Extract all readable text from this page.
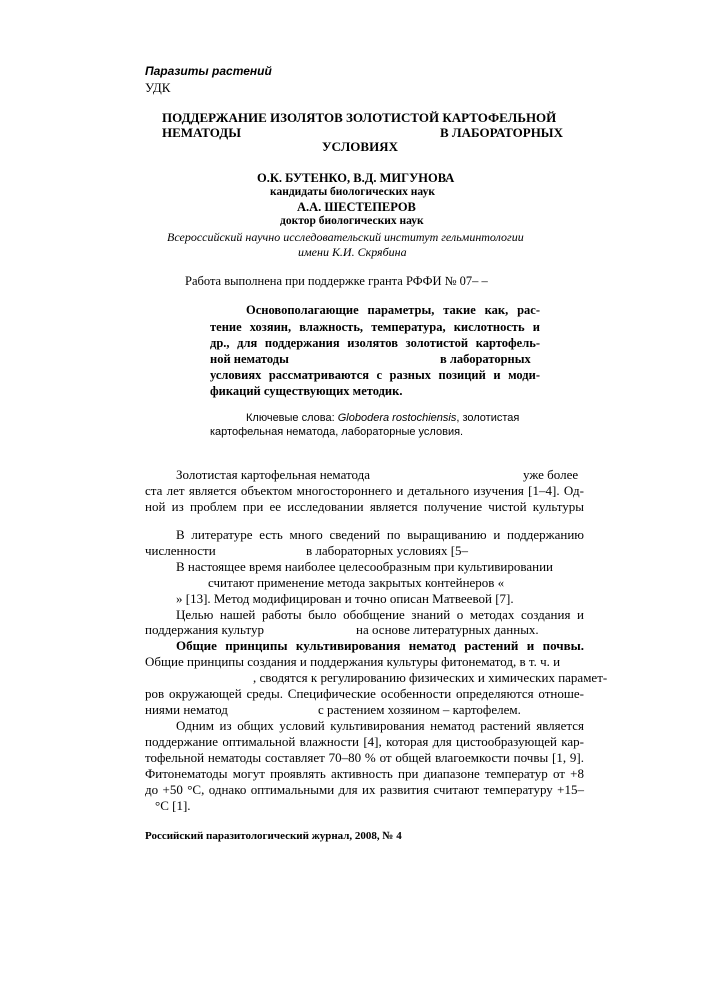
Паразиты растений
УДК
ПОДДЕРЖАНИЕ ИЗОЛЯТОВ ЗОЛОТИСТОЙ КАРТОФЕЛЬНОЙ
НЕМАТОДЫ	В ЛАБОРАТОРНЫХ
УСЛОВИЯХ
О.К. БУТЕНКО, В.Д. МИГУНОВА
кандидаты биологических наук
А.А. ШЕСТЕПЕРОВ
доктор биологических наук
Всероссийский научно исследовательский институт гельминтологии
имени К.И. Скрябина
Работа выполнена при поддержке гранта РФФИ № 07– –
Основополагающие параметры, такие как, рас-
тение хозяин, влажность, температура, кислотность и
др., для поддержания изолятов золотистой картофель-
ной нематоды	в лабораторных
условиях рассматриваются с разных позиций и моди-
фикаций существующих методик.
Ключевые слова: Globodera rostochiensis, золотистая
картофельная нематода, лабораторные условия.
Золотистая картофельная нематода	уже более
ста лет является объектом многостороннего и детального изучения [1–4]. Од-
ной из проблем при ее исследовании является получение чистой культуры
В литературе есть много сведений по выращиванию и поддержанию
численности	в лабораторных условиях [5–
В настоящее время наиболее целесообразным при культивировании
считают применение метода закрытых контейнеров «
» [13]. Метод модифицирован и точно описан Матвеевой [7].
Целью нашей работы было обобщение знаний о методах создания и
поддержания культур	на основе литературных данных.
Общие принципы культивирования нематод растений и почвы.
Общие принципы создания и поддержания культуры фитонематод, в т. ч. и
, сводятся к регулированию физических и химических парамет-
ров окружающей среды. Специфические особенности определяются отноше-
ниями нематод	с растением хозяином – картофелем.
Одним из общих условий культивирования нематод растений является
поддержание оптимальной влажности [4], которая для цистообразующей кар-
тофельной нематоды составляет 70–80 % от общей влагоемкости почвы [1, 9].
Фитонематоды могут проявлять активность при диапазоне температур от +8
до +50 °С, однако оптимальными для их развития считают температуру +15–
°С [1].
Российский паразитологический журнал, 2008, № 4
